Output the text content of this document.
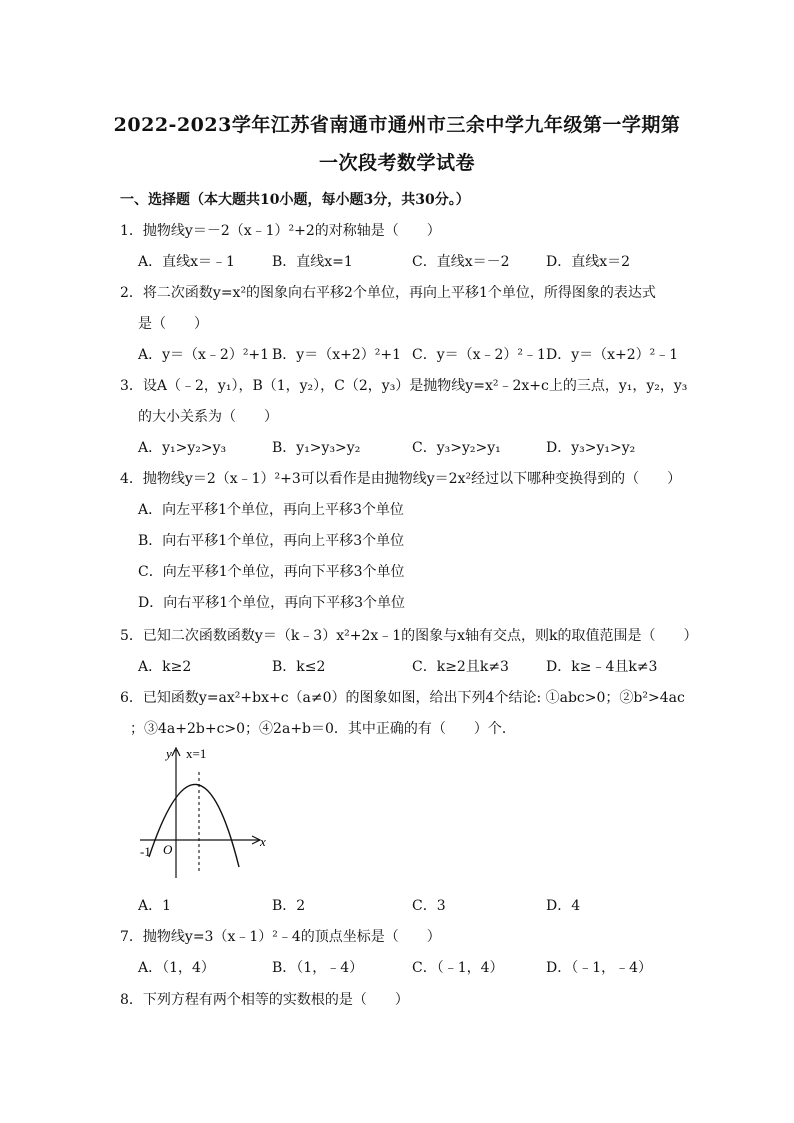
2022-2023学年江苏省南通市通州市三余中学九年级第一学期第
一次段考数学试卷
一、选择题（本大题共10小题，每小题3分，共30分。）
1．抛物线y＝－2（x﹣1）²+2的对称轴是（　　）
A．直线x＝﹣1	B．直线x=1	C．直线x＝－2	D．直线x＝2
2．将二次函数y=x²的图象向右平移2个单位，再向上平移1个单位，所得图象的表达式
是（　　）
A．y＝（x﹣2）²+1 B．y＝（x+2）²+1 C．y＝（x﹣2）²﹣1 D．y＝（x+2）²﹣1
3．设A（﹣2，y₁），B（1，y₂），C（2，y₃）是抛物线y=x²﹣2x+c上的三点，y₁，y₂，y₃
的大小关系为（　　）
A．y₁>y₂>y₃	B．y₁>y₃>y₂	C．y₃>y₂>y₁	D．y₃>y₁>y₂
4．抛物线y＝2（x﹣1）²+3可以看作是由抛物线y＝2x²经过以下哪种变换得到的（　　）
A．向左平移1个单位，再向上平移3个单位
B．向右平移1个单位，再向上平移3个单位
C．向左平移1个单位，再向下平移3个单位
D．向右平移1个单位，再向下平移3个单位
5．已知二次函数函数y＝（k﹣3）x²+2x﹣1的图象与x轴有交点，则k的取值范围是（　　）
A．k≥2	B．k≤2	C．k≥2且k≠3	D．k≥﹣4且k≠3
6．已知函数y=ax²+bx+c（a≠0）的图象如图，给出下列4个结论: ①abc>0；②b²>4ac
；③4a+2b+c>0；④2a+b＝0．其中正确的有（　　）个．
y x=1
x
-1 O
A．1	B．2	C．3	D．4
7．抛物线y=3（x﹣1）²﹣4的顶点坐标是（　　）
A．（1，4）	B．（1，﹣4）	C．（﹣1，4）	D．（﹣1，﹣4）
8．下列方程有两个相等的实数根的是（　　）
